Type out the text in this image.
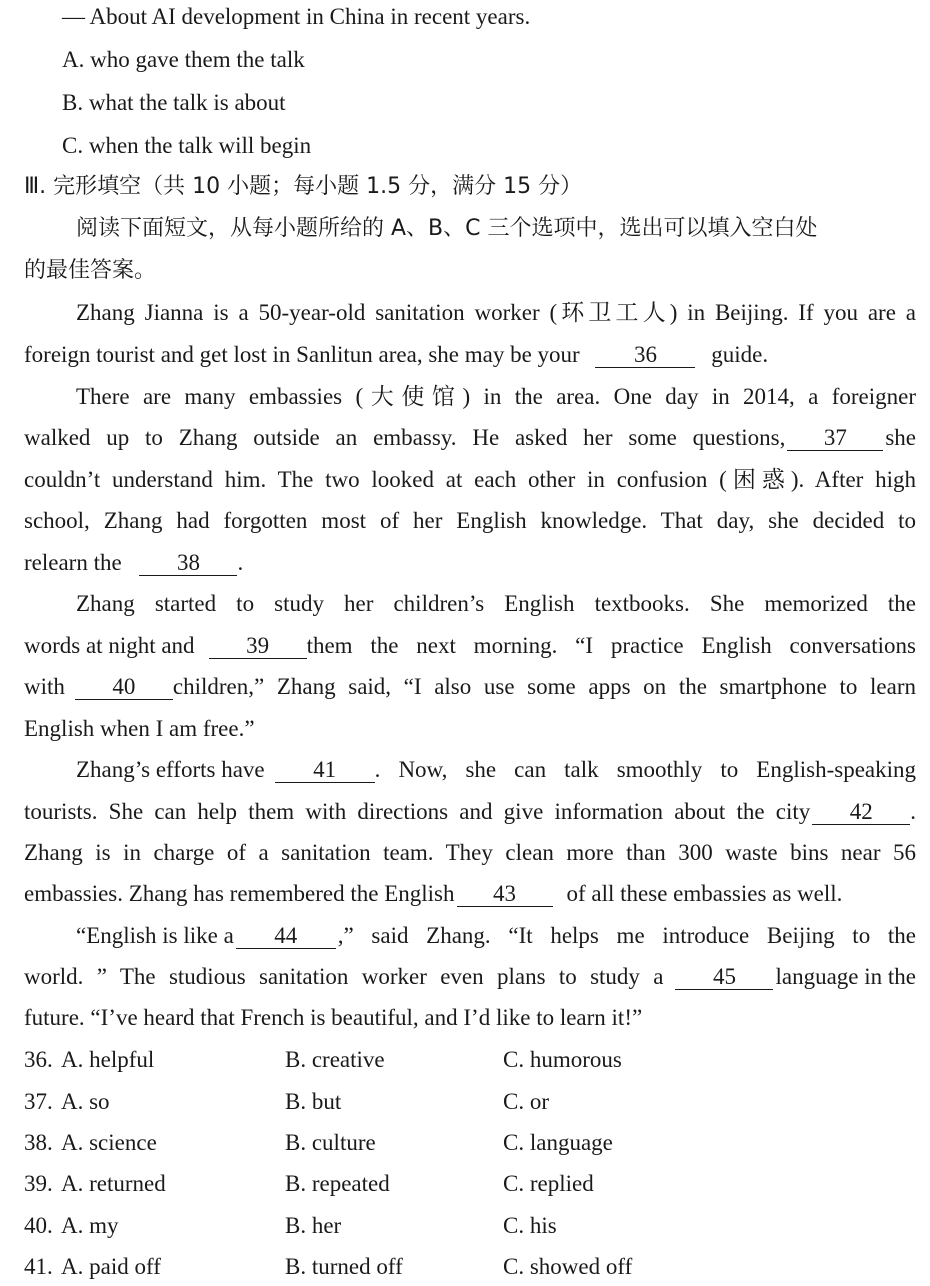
— About AI development in China in recent years.
A. who gave them the talk
B. what the talk is about
C. when the talk will begin
Ⅲ. 完形填空（共 10 小题；每小题 1.5 分，满分 15 分）
阅读下面短文，从每小题所给的 A、B、C 三个选项中，选出可以填入空白处
的最佳答案。
Zhang Jianna is a 50-year-old sanitation worker (环卫工人) in Beijing. If you are a
foreign tourist and get lost in Sanlitun area, she may be your 36 guide.
There are many embassies (大使馆) in the area. One day in 2014, a foreigner
walked up to Zhang outside an embassy. He asked her some questions,	37	she
couldn’t understand him. The two looked at each other in confusion (困惑). After high
school, Zhang had forgotten most of her English knowledge. That day, she decided to
relearn the 38 .
Zhang started to study her children’s English textbooks. She memorized the
words at night and	39	them the next morning. “I practice English conversations
with	40	children,” Zhang said, “I also use some apps on the smartphone to learn
English when I am free.”
Zhang’s efforts have	41	. Now, she can talk smoothly to English-speaking
tourists. She can help them with directions and give information about the city	42	.
Zhang is in charge of a sanitation team. They clean more than 300 waste bins near 56
embassies. Zhang has remembered the English 43 of all these embassies as well.
“English is like a	44	,” said Zhang. “It helps me introduce Beijing to the
world. ” The studious sanitation worker even plans to study a	45	language in the
future. “I’ve heard that French is beautiful, and I’d like to learn it!”
36. A. helpful	B. creative	C. humorous
37. A. so	B. but	C. or
38. A. science	B. culture	C. language
39. A. returned	B. repeated	C. replied
40. A. my	B. her	C. his
41. A. paid off	B. turned off	C. showed off
